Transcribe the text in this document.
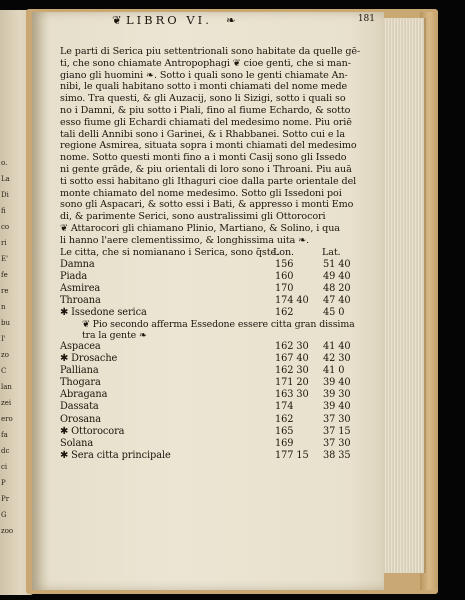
o.
La
Di
fi
co
ri
E'
fe
re
n
bu
I'
zo
C
lan
zei
ero
fa
dc
ci
P
Pr
G
zoo
❦ LIBRO VI. ❧	181
Le parti di Serica piu settentrionali sono habitate da quelle gē-
ti, che sono chiamate Antropophagi ❦ cioe genti, che si man-
giano gli huomini ❧. Sotto i quali sono le genti chiamate An-
nibi, le quali habitano sotto i monti chiamati del nome mede
simo. Tra questi, & gli Auzacij, sono li Sizigi, sotto i quali so
no i Damni, & piu sotto i Piali, fino al fiume Echardo, & sotto
esso fiume gli Echardi chiamati del medesimo nome. Piu oriē
tali delli Annibi sono i Garinei, & i Rhabbanei. Sotto cui e la
regione Asmirea, situata sopra i monti chiamati del medesimo
nome. Sotto questi monti fino a i monti Casij sono gli Issedo
ni gente grāde, & piu orientali di loro sono i Throani. Piu auā
ti sotto essi habitano gli Ithaguri cioe dalla parte orientale del
monte chiamato del nome medesimo. Sotto gli Issedoni poi
sono gli Aspacari, & sotto essi i Bati, & appresso i monti Emo
di, & parimente Serici, sono australissimi gli Ottorocori
❦ Attarocori gli chiamano Plinio, Martiano, & Solino, i qua
li hanno l'aere clementissimo, & longhissima uita ❧.
Le citta, che si nomianano i Serica, sono q̄ste.
Lon.	Lat.
Damna	156	51 40
Piada	160	49 40
Asmirea	170	48 20
Throana	174 40	47 40
✱ Issedone serica	162	45 0
❦ Pio secondo afferma Essedone essere citta gran dissima tra la gente ❧		
Aspacea	162 30	41 40
✱ Drosache	167 40	42 30
Palliana	162 30	41 0
Thogara	171 20	39 40
Abragana	163 30	39 30
Dassata	174	39 40
Orosana	162	37 30
✱ Ottorocora	165	37 15
Solana	169	37 30
✱ Sera citta principale	177 15	38 35
